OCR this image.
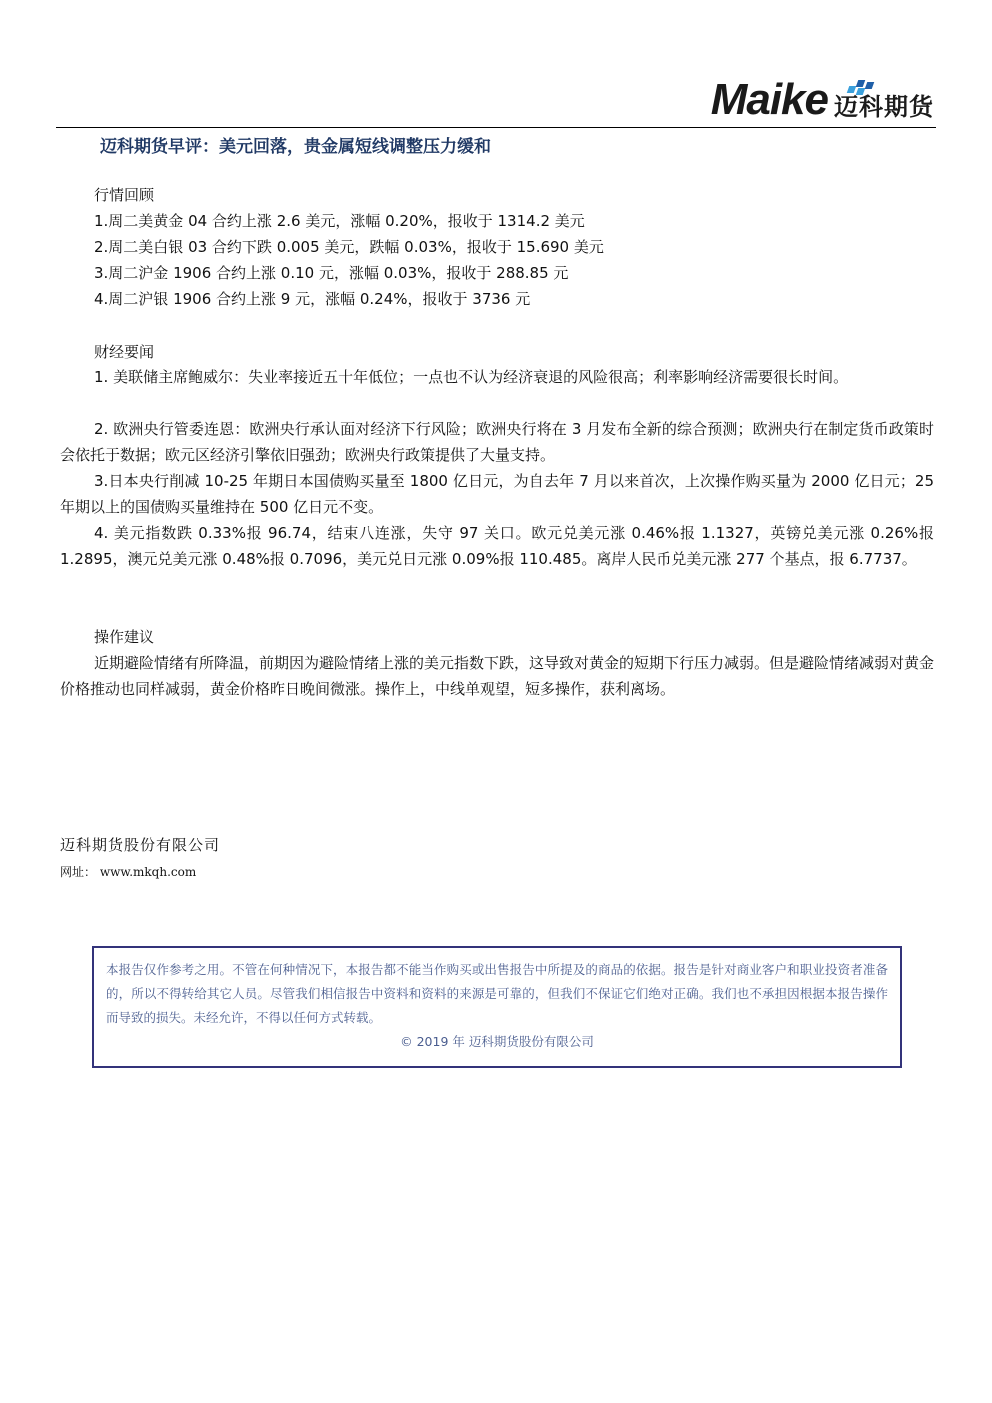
Maike 迈科期货
迈科期货早评：美元回落，贵金属短线调整压力缓和
行情回顾
1.周二美黄金 04 合约上涨 2.6 美元，涨幅 0.20%，报收于 1314.2 美元
2.周二美白银 03 合约下跌 0.005 美元，跌幅 0.03%，报收于 15.690 美元
3.周二沪金 1906 合约上涨 0.10 元，涨幅 0.03%，报收于 288.85 元
4.周二沪银 1906 合约上涨 9 元，涨幅 0.24%，报收于 3736 元
财经要闻
1. 美联储主席鲍威尔：失业率接近五十年低位；一点也不认为经济衰退的风险很高；利率影响经济需要很长时间。
2. 欧洲央行管委连恩：欧洲央行承认面对经济下行风险；欧洲央行将在 3 月发布全新的综合预测；欧洲央行在制定货币政策时会依托于数据；欧元区经济引擎依旧强劲；欧洲央行政策提供了大量支持。
3.日本央行削减 10-25 年期日本国债购买量至 1800 亿日元，为自去年 7 月以来首次，上次操作购买量为 2000 亿日元；25 年期以上的国债购买量维持在 500 亿日元不变。
4. 美元指数跌 0.33%报 96.74，结束八连涨，失守 97 关口。欧元兑美元涨 0.46%报 1.1327，英镑兑美元涨 0.26%报 1.2895，澳元兑美元涨 0.48%报 0.7096，美元兑日元涨 0.09%报 110.485。离岸人民币兑美元涨 277 个基点，报 6.7737。
操作建议
近期避险情绪有所降温，前期因为避险情绪上涨的美元指数下跌，这导致对黄金的短期下行压力减弱。但是避险情绪减弱对黄金价格推动也同样减弱，黄金价格昨日晚间微涨。操作上，中线单观望，短多操作，获利离场。
迈科期货股份有限公司
网址： www.mkqh.com

本报告仅作参考之用。不管在何种情况下，本报告都不能当作购买或出售报告中所提及的商品的依据。报告是针对商业客户和职业投资者准备的，所以不得转给其它人员。尽管我们相信报告中资料和资料的来源是可靠的，但我们不保证它们绝对正确。我们也不承担因根据本报告操作而导致的损失。未经允许，不得以任何方式转载。

© 2019 年 迈科期货股份有限公司
